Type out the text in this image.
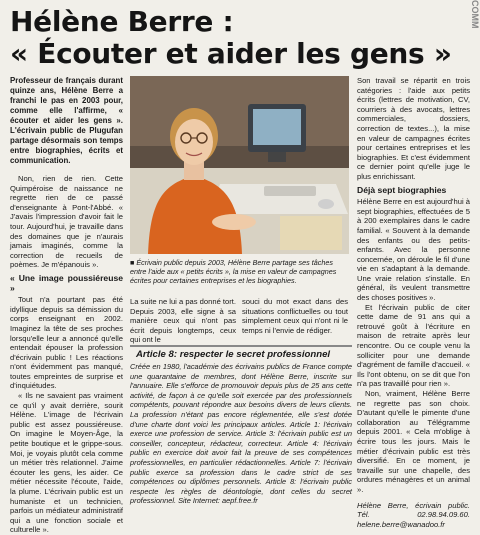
Hélène Berre :
« Écouter et aider les gens »
COMM

Professeur de français durant quinze ans, Hélène Berre a franchi le pas en 2003 pour, comme elle l'affirme, « écouter et aider les gens ». L'écrivain public de Plugufan partage désormais son temps entre biographies, écrits et communication.

Non, rien de rien. Cette Quimpéroise de naissance ne regrette rien de ce passé d'enseignante à Pont-l'Abbé. « J'avais l'impression d'avoir fait le tour. Aujourd'hui, je travaille dans des domaines que je n'aurais jamais imaginés, comme la correction de recueils de poèmes. Je m'épanouis ».

« Une image poussiéreuse »

Tout n'a pourtant pas été idyllique depuis sa démission du corps enseignant en 2002. Imaginez la tête de ses proches lorsqu'elle leur a annoncé qu'elle entendait épouser la profession d'écrivain public ! Les réactions n'ont évidemment pas manqué, toutes empreintes de surprise et d'inquiétudes.

« Ils ne savaient pas vraiment ce qu'il y avait derrière, sourit Hélène. L'image de l'écrivain public est assez poussiéreuse. On imagine le Moyen-Âge, la petite boutique et le grippe-sous. Moi, je voyais plutôt cela comme un métier très relationnel. J'aime écouter les gens, les aider. Ce métier nécessite l'écoute, l'aide, la plume. L'écrivain public est un humaniste et un technicien, parfois un médiateur administratif qui a une fonction sociale et culturelle ».

■ Écrivain public depuis 2003, Hélène Berre partage ses tâches entre l'aide aux « petits écrits », la mise en valeur de campagnes écrites pour certaines entreprises et les biographies.
La suite ne lui a pas donné tort. Depuis 2003, elle signe à sa manière ceux qui n'ont pas écrit depuis longtemps, ceux qui ont le
souci du mot exact dans des situations conflictuelles ou tout simplement ceux qui n'ont ni le temps ni l'envie de rédiger.

Article 8: respecter le secret professionnel

Créée en 1980, l'académie des écrivains publics de France compte une quarantaine de membres, dont Hélène Berre, inscrite sur l'annuaire. Elle s'efforce de promouvoir depuis plus de 25 ans cette activité, de façon à ce qu'elle soit exercée par des professionnels compétents, pouvant répondre aux besoins divers de leurs clients. La profession n'étant pas encore réglementée, elle s'est dotée d'une charte dont voici les principaux articles. Article 1: l'écrivain exerce une profession de service. Article 3: l'écrivain public est un conseiller, concepteur, rédacteur, correcteur. Article 4: l'écrivain public en exercice doit avoir fait la preuve de ses compétences professionnelles, en particulier rédactionnelles. Article 7: l'écrivain public exerce sa profession dans le cadre strict de ses compétences ou diplômes personnels. Article 8: l'écrivain public respecte les règles de déontologie, dont celles du secret professionnel. Site Internet: aepf.free.fr

Son travail se répartit en trois catégories : l'aide aux petits écrits (lettres de motivation, CV, courriers à des avocats, lettres commerciales, dossiers, correction de textes...), la mise en valeur de campagnes écrites pour certaines entreprises et les biographies. Et c'est évidemment ce dernier point qu'elle juge le plus enrichissant.

Déjà sept biographies

Hélène Berre en est aujourd'hui à sept biographies, effectuées de 5 à 200 exemplaires dans le cadre familial. « Souvent à la demande des enfants ou des petits-enfants. Avec la personne concernée, on déroule le fil d'une vie en s'adaptant à la demande. Une vraie relation s'installe. En général, ils veulent transmettre des choses positives ».

Et l'écrivain public de citer cette dame de 91 ans qui a retrouvé goût à l'écriture en maison de retraite après leur rencontre. Ou ce couple venu la solliciter pour une demande d'agrément de famille d'accueil. « Ils l'ont obtenu, on se dit que l'on n'a pas travaillé pour rien ».

Non, vraiment, Hélène Berre ne regrette pas son choix. D'autant qu'elle le pimente d'une collaboration au Télégramme depuis 2001. « Cela m'oblige à écrire tous les jours. Mais le métier d'écrivain public est très diversifié. En ce moment, je travaille sur une chapelle, des ordures ménagères et un animal ».

Hélène Berre, écrivain public. Tél. 02.98.94.09.60. helene.berre@wanadoo.fr
